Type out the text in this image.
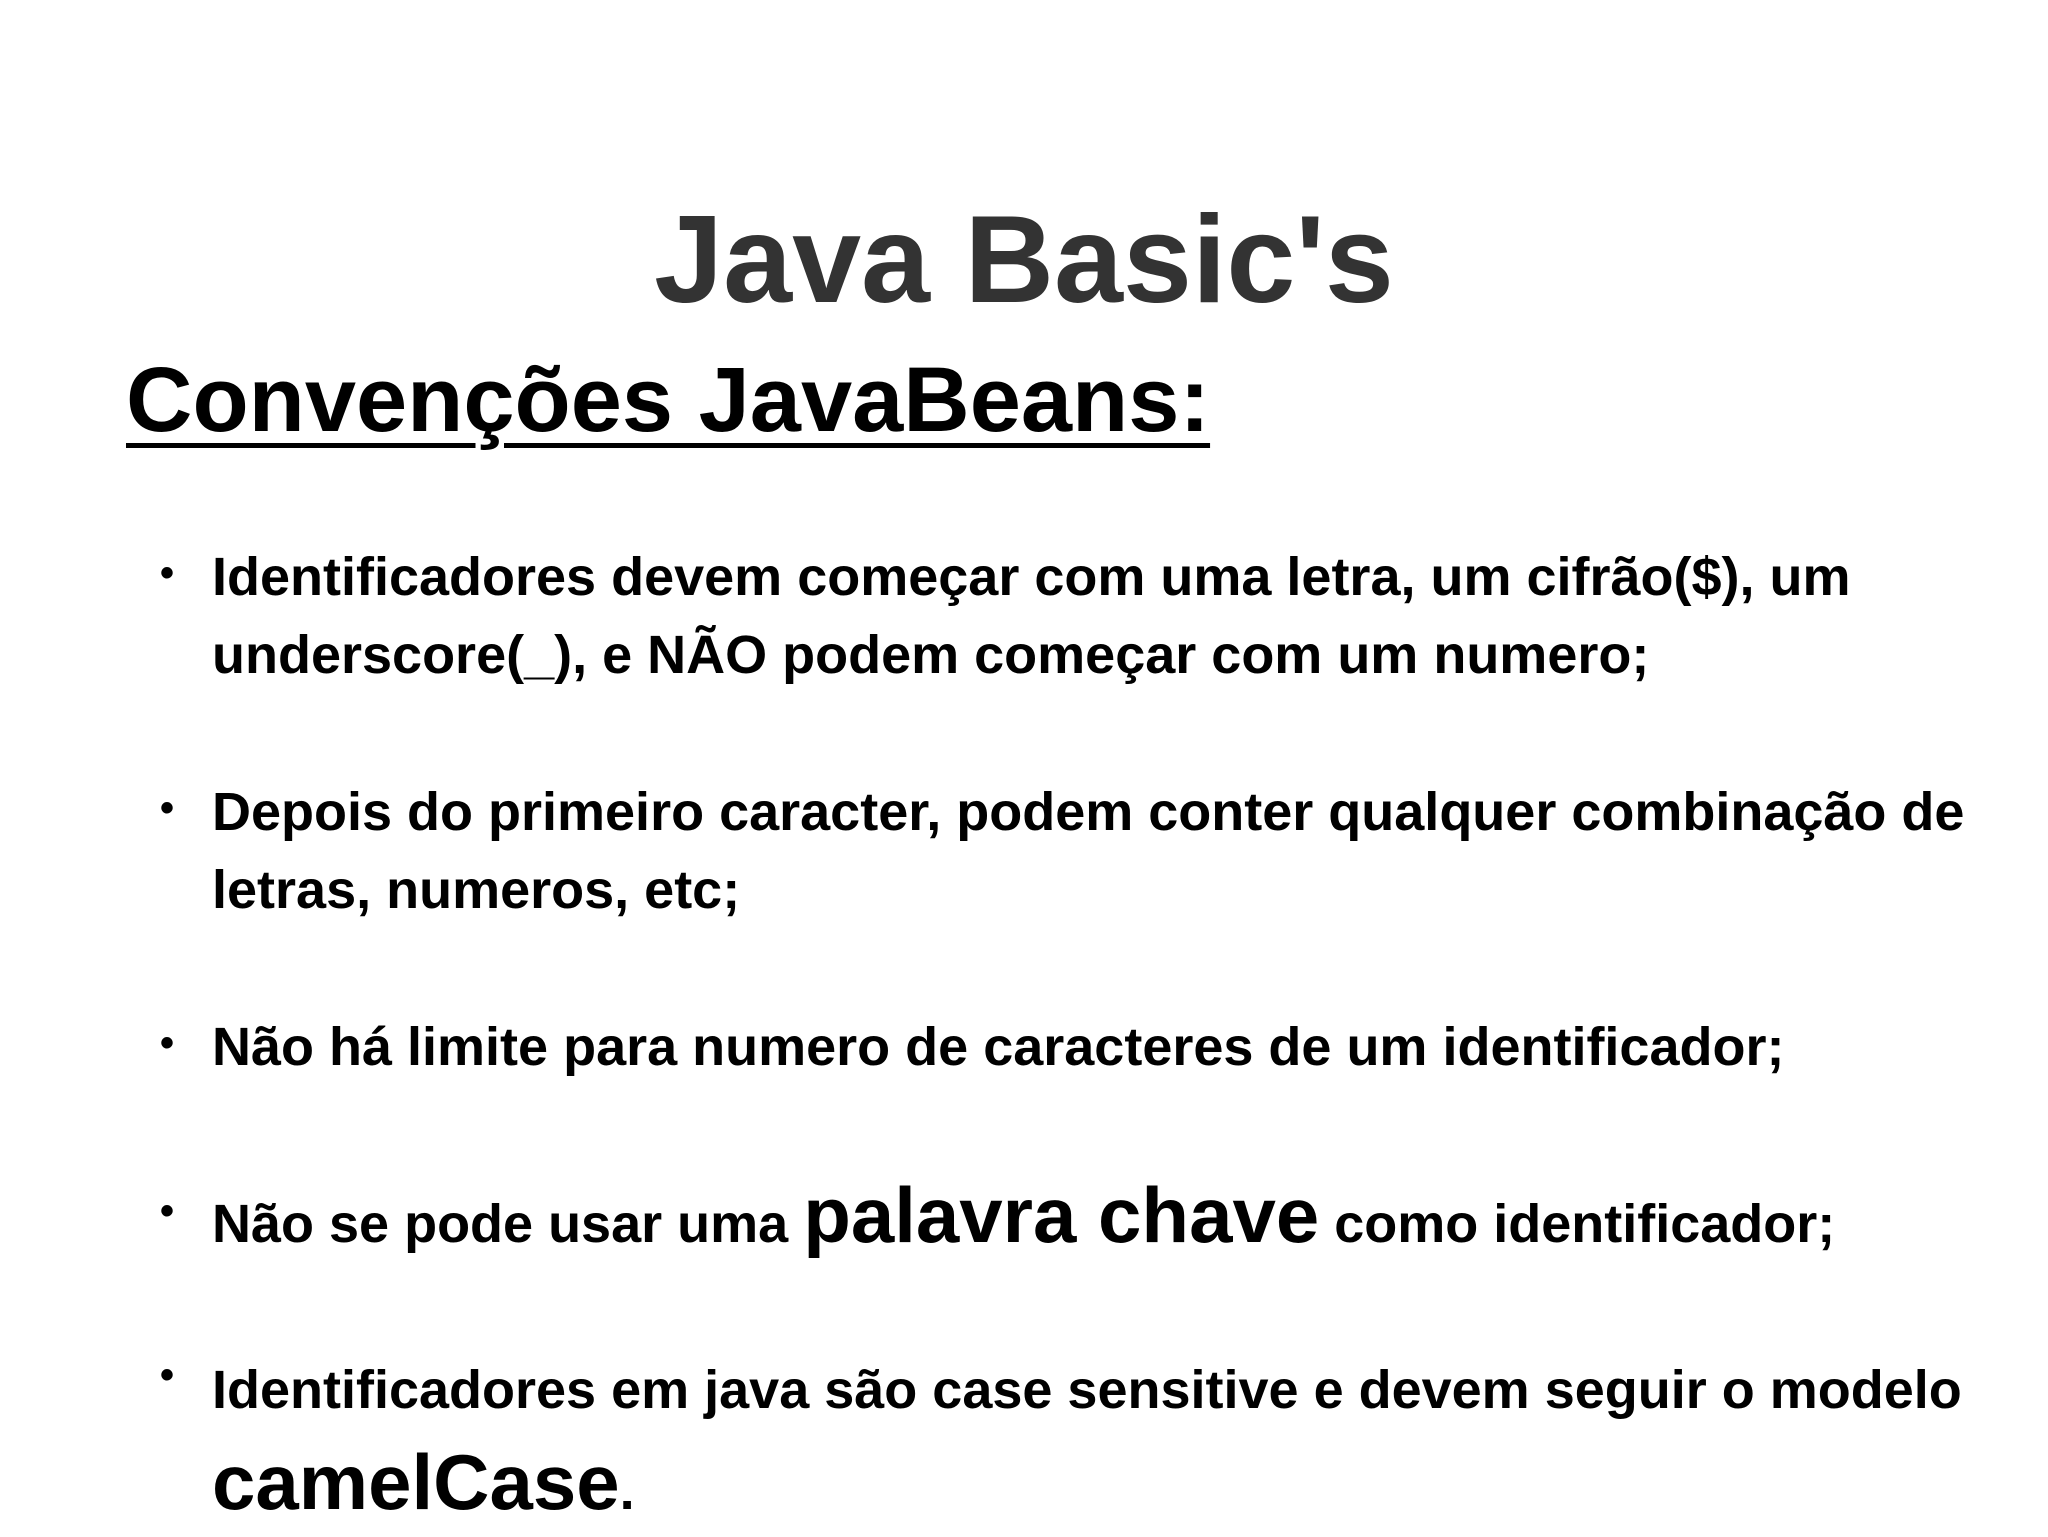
Java Basic's
Convenções JavaBeans:
• Identificadores devem começar com uma letra, um cifrão($), um underscore(_), e NÃO podem começar com um numero;
• Depois do primeiro caracter, podem conter qualquer combinação de letras, numeros, etc;
• Não há limite para numero de caracteres de um identificador;
• Não se pode usar uma palavra chave como identificador;
• Identificadores em java são case sensitive e devem seguir o modelo camelCase.
